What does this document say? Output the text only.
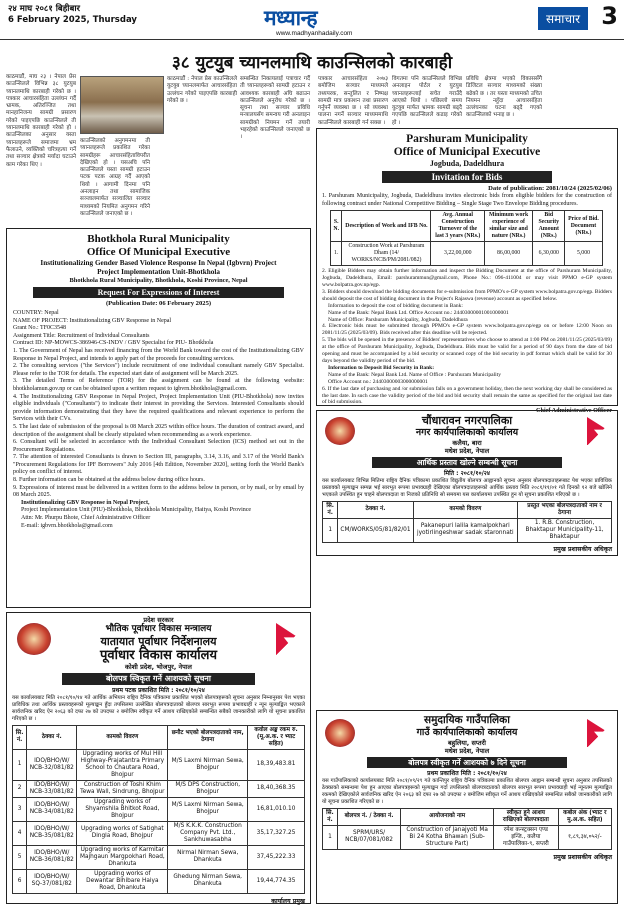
२४ माघ २०८१ बिहीबार
6 February 2025, Thursday	मध्यान्ह
www.madhyanhadaily.com
समाचार 3
३८ युटयुब च्यानलमाथि काउन्सिलको कारबाही
काठमाडौं, माघ २३ । नेपाल प्रेस काउन्सिलले विभिन्न ३८ युटयुब च्यानलमाथि कारबाही गरेको छ । पत्रकार आचारसंहिता उल्लंघन गर्दै भ्रामक, अतिरञ्जित तथा मानहानिजन्य सामग्री प्रसारण गरेको पाइएपछि काउन्सिलले ती च्यानलमाथि कारबाही गरेको हो । काउन्सिलका अनुसार यस्ता च्यानलहरूले समाजमा भ्रम फैलाउने, व्यक्तिको चरित्रहत्या गर्ने तथा सञ्चार क्षेत्रको मर्यादा घटाउने काम गरेका थिए ।
काउन्सिलको अनुगमनमा ती च्यानलहरूले प्रकाशित गरेका सामग्रीहरू आचारसंहिताविपरीत देखिएको हो । यसअघि पनि काउन्सिलले यस्ता सामग्री हटाउन पटक पटक आग्रह गर्दै आएको थियो । आगामी दिनमा पनि अनलाइन तथा सामाजिक सञ्जालमार्फत सञ्चालित सञ्चार माध्यमको नियमित अनुगमन गरिने काउन्सिलले जनाएको छ ।
काठमाडौं : नेपाल प्रेस काउन्सिलले युटयुब च्यानलमार्फत आचारसंहिता उल्लंघन गरेको पाइएपछि कारबाही गरेको छ ।
सम्बन्धित निकायलाई पत्राचार गर्दै ती च्यानलहरूको सामग्री हटाउन र आवश्यक कारबाही अघि बढाउन काउन्सिलले अनुरोध गरेको छ । सूचना तथा सञ्चार प्रविधि मन्त्रालयसँग समन्वय गरी अनलाइन सामग्रीको नियमन गर्ने तयारी भइरहेको काउन्सिलले जनाएको छ ।
पत्रकार आचारसंहिता २०७३ बमोजिम सञ्चार माध्यमले तथ्यपरक, सन्तुलित र निष्पक्ष सामग्री मात्र प्रकाशन तथा प्रसारण गर्नुपर्ने व्यवस्था छ । सो व्यवस्था पालना नगर्ने सञ्चार माध्यममाथि काउन्सिलले कारबाही गर्न सक्छ ।
विगतमा पनि काउन्सिलले विभिन्न अनलाइन पोर्टल र युटयुब च्यानलहरूलाई सचेत गराउँदै आएको थियो । पछिल्लो समय युटयुब मार्फत भ्रामक सामग्री बढ्दै गएपछि काउन्सिलले कडाइ गरेको हो ।
प्रविधि क्षेत्रमा भएको विकाससँगै डिजिटल सञ्चार माध्यमको संख्या बढेको छ । तर यस्ता माध्यमको उचित नियमन नहुँदा आचारसंहिता उल्लंघनका घटना बढ्दै गएको काउन्सिलको भनाइ छ ।
Bhotkhola Rural Municipality
Office Of Municipal Executive
Institutionalizing Gender Based Violence Response In Nepal (Igbvrn) Project
Project Implementation Unit-Bhotkhola
Bhotkhola Rural Municipality, Bhotkhola, Koshi Province, Nepal
Request For Expressions of Interest
(Publication Date: 06 February 2025)
COUNTRY: Nepal
NAME OF PROJECT: Institutionalizing GBV Response in Nepal
Grant No.: TF0C3548
Assignment Title: Recruitment of Individual Consultants
Contract ID: NP-MOWCS-386946-CS-INDV / GBV Specialist for PIU- Bhotkhola
1. The Government of Nepal has received financing from the World Bank toward the cost of the Institutionalizing GBV Response in Nepal Project, and intends to apply part of the proceeds for consulting services.
2. The consulting services ("the Services") include recruitment of one individual consultant namely GBV Specialist. Please refer to the TOR for details. The expected start date of assignment will be March 2025.
3. The detailed Terms of Reference (TOR) for the assignment can be found at the following website: bhotkholamun.gov.np or can be obtained upon a written request to igbvrn.bhotkhola@gmail.com.
4. The Institutionalizing GBV Response in Nepal Project, Project Implementation Unit (PIU-Bhotkhola) now invites eligible individuals ("Consultants") to indicate their interest in providing the Services. Interested Consultants should provide information demonstrating that they have the required qualifications and relevant experience to perform the Services with their CVs.
5. The last date of submission of the proposal is 08 March 2025 within office hours. The duration of contract award, and description of the assignment shall be clearly stipulated when recommending as a work experience.
6. Consultant will be selected in accordance with the Individual Consultant Selection (ICS) method set out in the Procurement Regulations.
7. The attention of interested Consultants is drawn to Section III, paragraphs, 3.14, 3.16, and 3.17 of the World Bank's "Procurement Regulations for IPF Borrowers" July 2016 [4th Edition, November 2020], setting forth the World Bank's policy on conflict of interest.
8. Further information can be obtained at the address below during office hours.
9. Expressions of interest must be delivered in a written form to the address below in person, or by mail, or by email by 08 March 2025.
Institutionalizing GBV Response in Nepal Project,
Project Implementation Unit (PIU)-Bhotkhola, Bhotkhola Municipality, Haitya, Koshi Province
Attn: Mr. Phurpu Bhote, Chief Administrative Officer
E-mail: igbvrn.bhotkhola@gmail.com
Parshuram Municipality
Office of Municipal Executive
Jogbuda, Dadeldhura
Invitation for Bids
Date of publication: 2081/10/24 (2025/02/06)
1. Parshuram Municipality, Jogbuda, Dadeldhura invites electronic bids from eligible bidders for the construction of following contract under National Competitive Bidding – Single Stage Two Envelope Bidding procedures.
S. N.	Description of Work and IFB No.	Avg. Annual Construction Turnover of the last 3 years (NRs.)	Minimum work experience of similar size and nature (NRs.)	Bid Security Amount (NRs.)	Price of Bid. Document (NRs.)
1.	Construction Work at Parshuram Dham (14/ WORKS/NCB/PM/2081/082)	3,22,00,000	86,00,000	6,30,000	5,000
2. Eligible Bidders may obtain further information and inspect the Bidding Document at the office of Parshuram Municipality, Jogbuda, Dadeldhura, Email: parshurammun@gmail.com, Phone No.: 096-411004 or may visit PPMO e-GP system www.bolpatra.gov.np/egp.
3. Bidders should download the bidding documents for e-submission from PPMO's e-GP system www.bolpatra.gov.np/egp. Bidders should deposit the cost of bidding document in the Project's Rajaswa (revenue) account as specified below.
Information to deposit the cost of bidding document in Bank:
Name of the Bank: Nepal Bank Ltd. Office Account no.: 24403000001001000001
Name of Office: Parshuram Municipality, Jogbuda, Dadeldhura
4. Electronic bids must be submitted through PPMO's e-GP system www.bolpatra.gov.np/egp on or before 12:00 Noon on 2081/11/25 (2025/03/09). Bids received after this deadline will be rejected.
5. The bids will be opened in the presence of Bidders' representatives who choose to attend at 1:00 PM on 2081/11/25 (2025/03/09) at the office of Parshuram Municipality, Jogbuda, Dadeldhura. Bids must be valid for a period of 90 days from the date of bid opening and must be accompanied by a bid security or scanned copy of the bid security in pdf format which shall be valid for 30 days beyond the validity period of the bid.
Information to Deposit Bid Security in Bank:
Name of the Bank: Nepal Bank Ltd. Name of Office : Parshuram Municipality
Office Account no.: 24403000003000000001
6. If the last date of purchasing and /or submission falls on a government holiday, then the next working day shall be considered as the last date. In such case the validity period of the bid and bid security shall remain the same as specified for the original last date of bid submission.
Chief Administrative Officer
चौंधारावन नगरपालिका
नगर कार्यपालिकाको कार्यालय
कलैया, बारा
मधेश प्रदेश, नेपाल
आर्थिक प्रस्ताव खोल्ने सम्बन्धी सूचना
मिति : २०८१/१०/२४
यस कार्यालयबाट विभिन्न मितिमा राष्ट्रिय दैनिक पत्रिकामा प्रकाशित विद्युतीय बोलपत्र आह्वानको सूचना अनुसार बोलपत्रदाताहरूबाट पेश भएका प्राविधिक प्रस्तावको मूल्याङ्कन सम्पन्न भई सारभूत रूपमा प्रभावग्राही देखिएका बोलपत्रदाताहरूको आर्थिक प्रस्ताव मिति २०८१/११/०१ गते दिनको १२ बजे खोलिने भएकाले उपस्थित हुन चाहने बोलपत्रदाता वा निजको प्रतिनिधि सो समयमा यस कार्यालयमा उपस्थित हुन यो सूचना प्रकाशित गरिएको छ ।
सि. नं.	ठेक्का नं.	कामको विवरण	प्रस्तुत भएका बोलपत्रदाताको नाम र ठेगाना
1	CM/WORKS/05/81/82/01	Pakanepuri lalila kamalpokhari jyotirlingeshwar sadak staronnati	1. R.B. Construction, Bhaktapur Municipality-11, Bhaktapur
प्रमुख प्रशासकीय अधिकृत
प्रदेश सरकार
भौतिक पूर्वाधार विकास मन्त्रालय
यातायात पूर्वाधार निर्देशनालय
पूर्वाधार विकास कार्यालय
कोशी प्रदेश, भोजपुर, नेपाल
बोलपत्र स्विकृत गर्ने आशयको सूचना
प्रथम पटक प्रकाशित मिति : २०८१/१०/२४
यस कार्यालयबाट मिति २०८१/१०/१४ गते आर्थिक अभियान राष्ट्रिय दैनिक पत्रिकामा प्रकाशित भएको बोलपत्रहरूको सूचना अनुसार निम्नानुसार पेश भएका प्राविधिक तथा आर्थिक प्रस्तावहरूको मूल्याङ्कन हुँदा तपसिलमा उल्लेखित बोलपत्रदाताको बोलपत्र सारभूत रूपमा प्रभावग्राही र न्यून मूल्याङ्कित भएकाले सार्वजनिक खरिद ऐन २०६३ को दफा २७ को उपदफा २ बमोजिम स्वीकृत गर्ने आशय राखिएकोले सम्बन्धित सबैको जानकारीको लागि यो सूचना प्रकाशित गरिएको छ ।
सि. नं.	ठेक्का नं.	कामको विवरण	छनौट भएको बोलपत्रदाताको नाम, ठेगाना	कवोल अङ्क रकम रु. (मू.अ.क. र भ्याट सहित)
1	IDO/BHO/W/ NCB-32/081/82	Upgrading works of Mul Hill Highway-Prajatantra Primary School to Chautara Road, Bhojpur	M/S Laxmi Nirman Sewa, Bhojpur	18,39,483.81
2	IDO/BHO/W/ NCB-33/081/82	Construction of Toshi Khim Tewa Wall, Sindrung, Bhojpur	M/S DPS Construction, Bhojpur	18,40,368.35
3	IDO/BHO/W/ NCB-34/081/82	Upgrading works of Shyamshila Bhitkot Road, Bhojpur	M/S Laxmi Nirman Sewa, Bhojpur	16,81,010.10
4	IDO/BHO/W/ NCB-35/081/82	Upgrading works of Satighat Dingla Road, Bhojpur	M/S K.K.K. Construction Company Pvt. Ltd., Sankhuwasabha	35,17,327.25
5	IDO/BHO/W/ NCB-36/081/82	Upgrading works of Karmitar Majhgaun Margpokhari Road, Dhankuta	Nirmal Nirman Sewa, Dhankuta	37,45,222.33
6	IDO/BHO/W/ SQ-37/081/82	Upgrading works of Dewantar Bihibare Haiya Road, Dhankuta	Ghedung Nirman Sewa, Dhankuta	19,44,774.35
कार्यालय प्रमुख
समुदायिक गाउँपालिका
गाउँ कार्यपालिकाको कार्यालय
बहुलिया, सप्तरी
मधेश प्रदेश, नेपाल
बोलपत्र स्वीकृत गर्ने आशयको ७ दिने सूचना
प्रथम प्रकाशित मिति : २०८१/१०/२४
यस गाउँपालिकाको कार्यालयबाट मिति २०८१/०९/२९ गते कान्तिपुर राष्ट्रिय दैनिक पत्रिकामा प्रकाशित बोलपत्र आह्वान सम्बन्धी सूचना अनुसार तपसिलको ठेक्काको सम्बन्धमा पेश हुन आएका बोलपत्रहरूको मूल्याङ्कन गर्दा तपसिलको बोलपत्रदाताको बोलपत्र सारभूत रूपमा प्रभावग्राही भई न्यूनतम मूल्याङ्कित रकमको देखिएकोले सार्वजनिक खरिद ऐन २०६३ को दफा २७ को उपदफा २ बमोजिम स्वीकृत गर्ने आशय राखिएकोले सम्बन्धित सबैको जानकारीको लागि यो सूचना प्रकाशित गरिएको छ ।
सि. नं.	बोलपत्र नं. / ठेक्का नं.	आयोजनाको नाम	स्वीकृत हुने आशय राखिएको बोलपत्रदाता	कबोल अंक (भ्याट र मु.अ.क. सहित)
1	SPRM/URS/ NCB/07/081/082	Construction of Janajyoti Ma Bi 24 Kotha Bhawan (Sub-Structure Part)	रमेश कन्स्ट्रक्सन एण्ड इन्जि., कलैया गाउँपालिका-९, सप्तरी	१,८९,३४,०५२/-
प्रमुख प्रशासकीय अधिकृत
